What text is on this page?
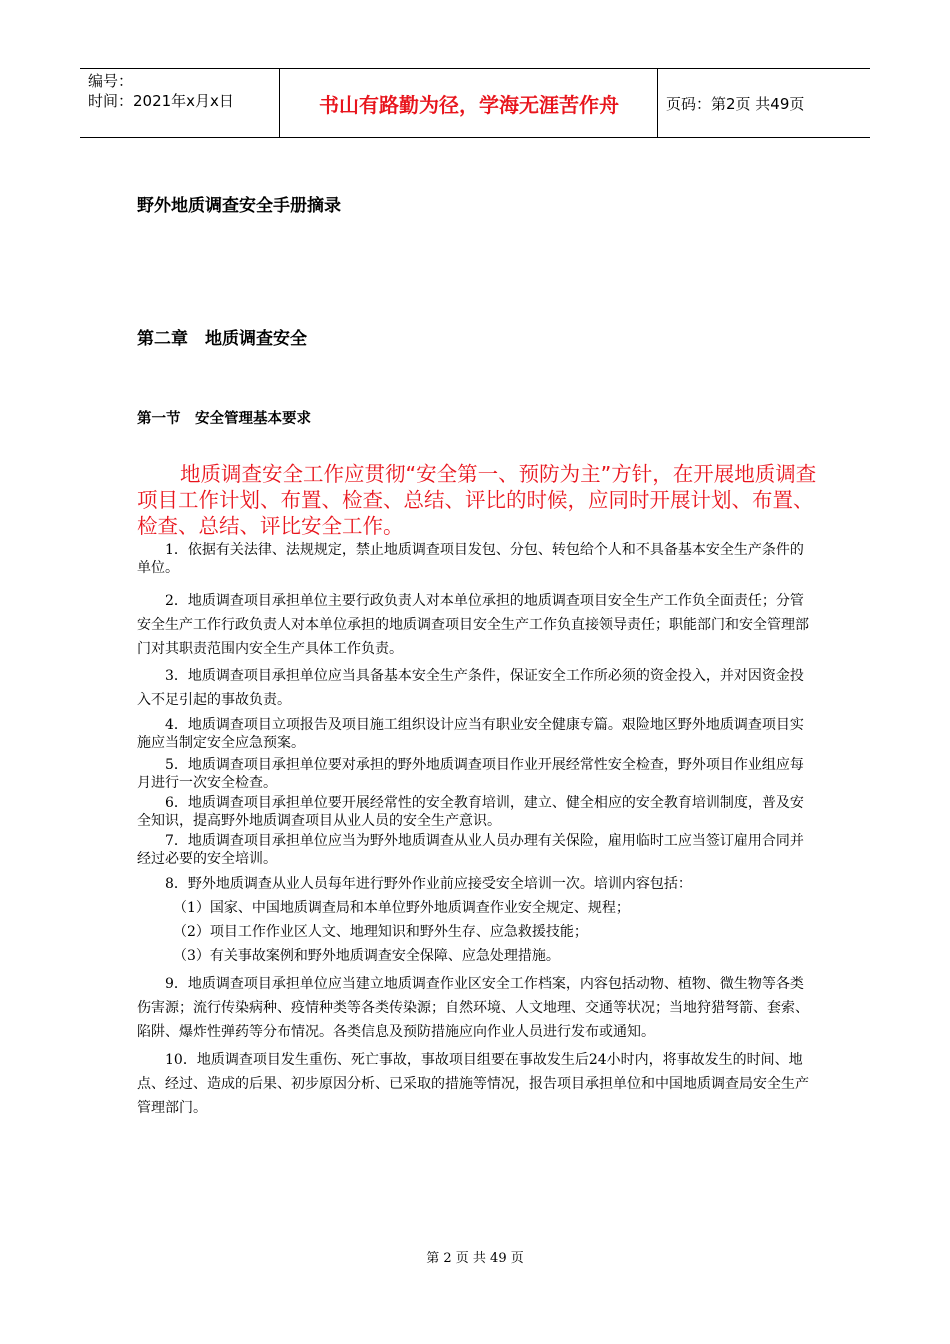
编号：
时间：2021年x月x日	书山有路勤为径，学海无涯苦作舟	页码：第2页 共49页
野外地质调查安全手册摘录
第二章　地质调查安全
第一节　安全管理基本要求
地质调查安全工作应贯彻“安全第一、预防为主”方针，在开展地质调查项目工作计划、布置、检查、总结、评比的时候，应同时开展计划、布置、检查、总结、评比安全工作。

1．依据有关法律、法规规定，禁止地质调查项目发包、分包、转包给个人和不具备基本安全生产条件的单位。

2．地质调查项目承担单位主要行政负责人对本单位承担的地质调查项目安全生产工作负全面责任；分管安全生产工作行政负责人对本单位承担的地质调查项目安全生产工作负直接领导责任；职能部门和安全管理部门对其职责范围内安全生产具体工作负责。

3．地质调查项目承担单位应当具备基本安全生产条件，保证安全工作所必须的资金投入，并对因资金投入不足引起的事故负责。

4．地质调查项目立项报告及项目施工组织设计应当有职业安全健康专篇。艰险地区野外地质调查项目实施应当制定安全应急预案。

5．地质调查项目承担单位要对承担的野外地质调查项目作业开展经常性安全检查，野外项目作业组应每月进行一次安全检查。

6．地质调查项目承担单位要开展经常性的安全教育培训，建立、健全相应的安全教育培训制度，普及安全知识，提高野外地质调查项目从业人员的安全生产意识。

7．地质调查项目承担单位应当为野外地质调查从业人员办理有关保险，雇用临时工应当签订雇用合同并经过必要的安全培训。

8．野外地质调查从业人员每年进行野外作业前应接受安全培训一次。培训内容包括：

（1）国家、中国地质调查局和本单位野外地质调查作业安全规定、规程；

（2）项目工作作业区人文、地理知识和野外生存、应急救援技能；

（3）有关事故案例和野外地质调查安全保障、应急处理措施。

9．地质调查项目承担单位应当建立地质调查作业区安全工作档案，内容包括动物、植物、微生物等各类伤害源；流行传染病种、疫情种类等各类传染源；自然环境、人文地理、交通等状况；当地狩猎弩箭、套索、陷阱、爆炸性弹药等分布情况。各类信息及预防措施应向作业人员进行发布或通知。

10．地质调查项目发生重伤、死亡事故，事故项目组要在事故发生后24小时内，将事故发生的时间、地点、经过、造成的后果、初步原因分析、已采取的措施等情况，报告项目承担单位和中国地质调查局安全生产管理部门。

第 2 页 共 49 页
